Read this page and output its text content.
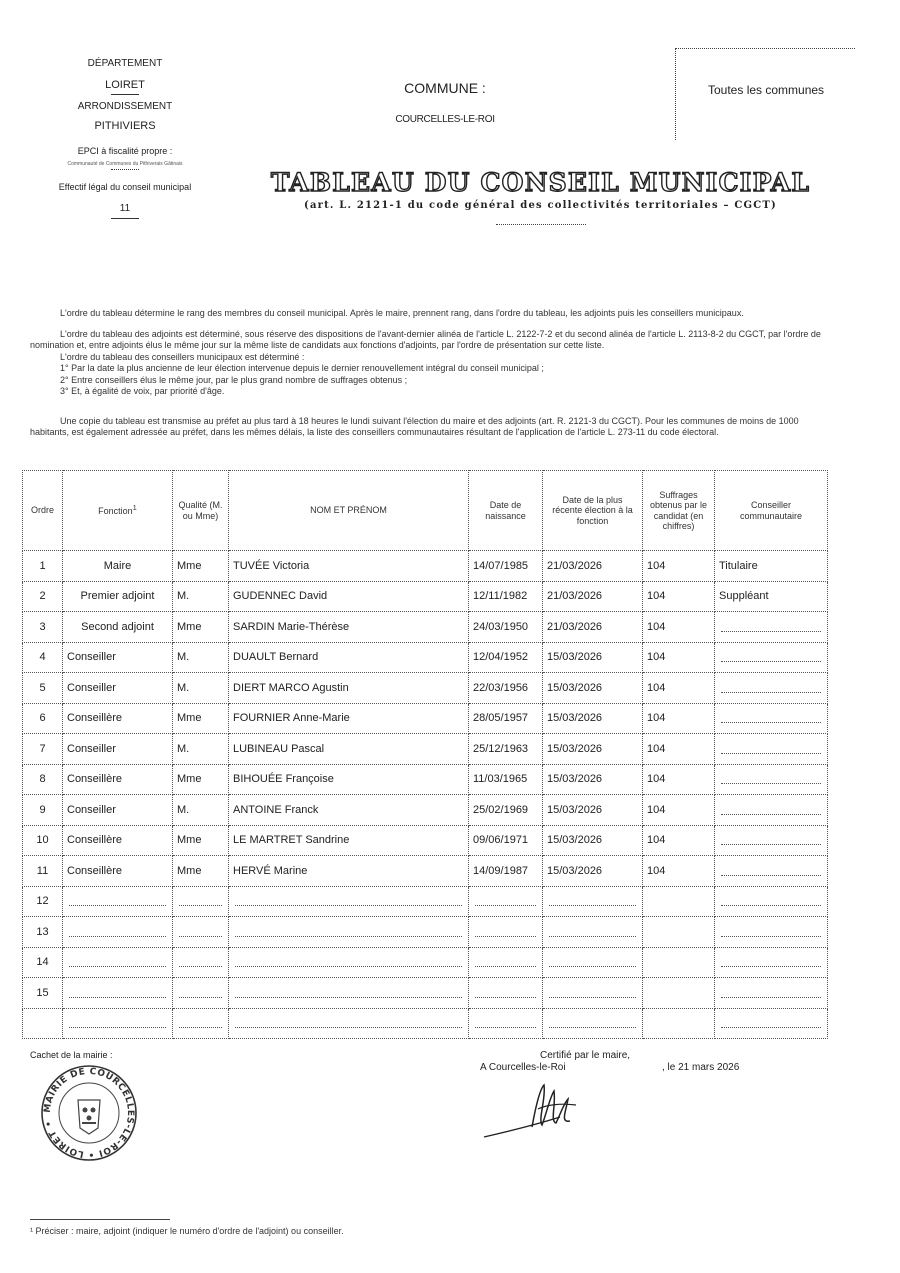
DÉPARTEMENT
LOIRET
ARRONDISSEMENT
PITHIVIERS
EPCI à fiscalité propre :
Communauté de Communes du Pithiverais Gâtinais
Effectif légal du conseil municipal
11
COMMUNE :
COURCELLES-LE-ROI
Toutes les communes
TABLEAU DU CONSEIL MUNICIPAL
(art. L. 2121-1 du code général des collectivités territoriales – CGCT)

L'ordre du tableau détermine le rang des membres du conseil municipal. Après le maire, prennent rang, dans l'ordre du tableau, les adjoints puis les conseillers municipaux.

L'ordre du tableau des adjoints est déterminé, sous réserve des dispositions de l'avant-dernier alinéa de l'article L. 2122-7-2 et du second alinéa de l'article L. 2113-8-2 du CGCT, par l'ordre de nomination et, entre adjoints élus le même jour sur la même liste de candidats aux fonctions d'adjoints, par l'ordre de présentation sur cette liste.

L'ordre du tableau des conseillers municipaux est déterminé :
1° Par la date la plus ancienne de leur élection intervenue depuis le dernier renouvellement intégral du conseil municipal ;
2° Entre conseillers élus le même jour, par le plus grand nombre de suffrages obtenus ;
3° Et, à égalité de voix, par priorité d'âge.

Une copie du tableau est transmise au préfet au plus tard à 18 heures le lundi suivant l'élection du maire et des adjoints (art. R. 2121-3 du CGCT). Pour les communes de moins de 1000 habitants, est également adressée au préfet, dans les mêmes délais, la liste des conseillers communautaires résultant de l'application de l'article L. 273-11 du code électoral.

Ordre	Fonction$^1$	Qualité (M. ou Mme)	NOM ET PRÉNOM	Date de naissance	Date de la plus récente élection à la fonction	Suffrages obtenus par le candidat (en chiffres)	Conseiller communautaire
1	Maire	Mme	TUVÉE Victoria	14/07/1985	21/03/2026	104	Titulaire
2	Premier adjoint	M.	GUDENNEC David	12/11/1982	21/03/2026	104	Suppléant
3	Second adjoint	Mme	SARDIN Marie-Thérèse	24/03/1950	21/03/2026	104	

4	Conseiller	M.	DUAULT Bernard	12/04/1952	15/03/2026	104	

5	Conseiller	M.	DIERT MARCO Agustin	22/03/1956	15/03/2026	104	

6	Conseillère	Mme	FOURNIER Anne-Marie	28/05/1957	15/03/2026	104	

7	Conseiller	M.	LUBINEAU Pascal	25/12/1963	15/03/2026	104	

8	Conseillère	Mme	BIHOUÉE Françoise	11/03/1965	15/03/2026	104	

9	Conseiller	M.	ANTOINE Franck	25/02/1969	15/03/2026	104	

10	Conseillère	Mme	LE MARTRET Sandrine	09/06/1971	15/03/2026	104	

11	Conseillère	Mme	HERVÉ Marine	14/09/1987	15/03/2026	104	

12	

13	

14	

15	

Cachet de la mairie :	Certifié par le maire,
A Courcelles-le-Roi	, le 21 mars 2026
MAIRIE DE COURCELLES-LE-ROI • LOIRET •
¹ Préciser : maire, adjoint (indiquer le numéro d'ordre de l'adjoint) ou conseiller.
